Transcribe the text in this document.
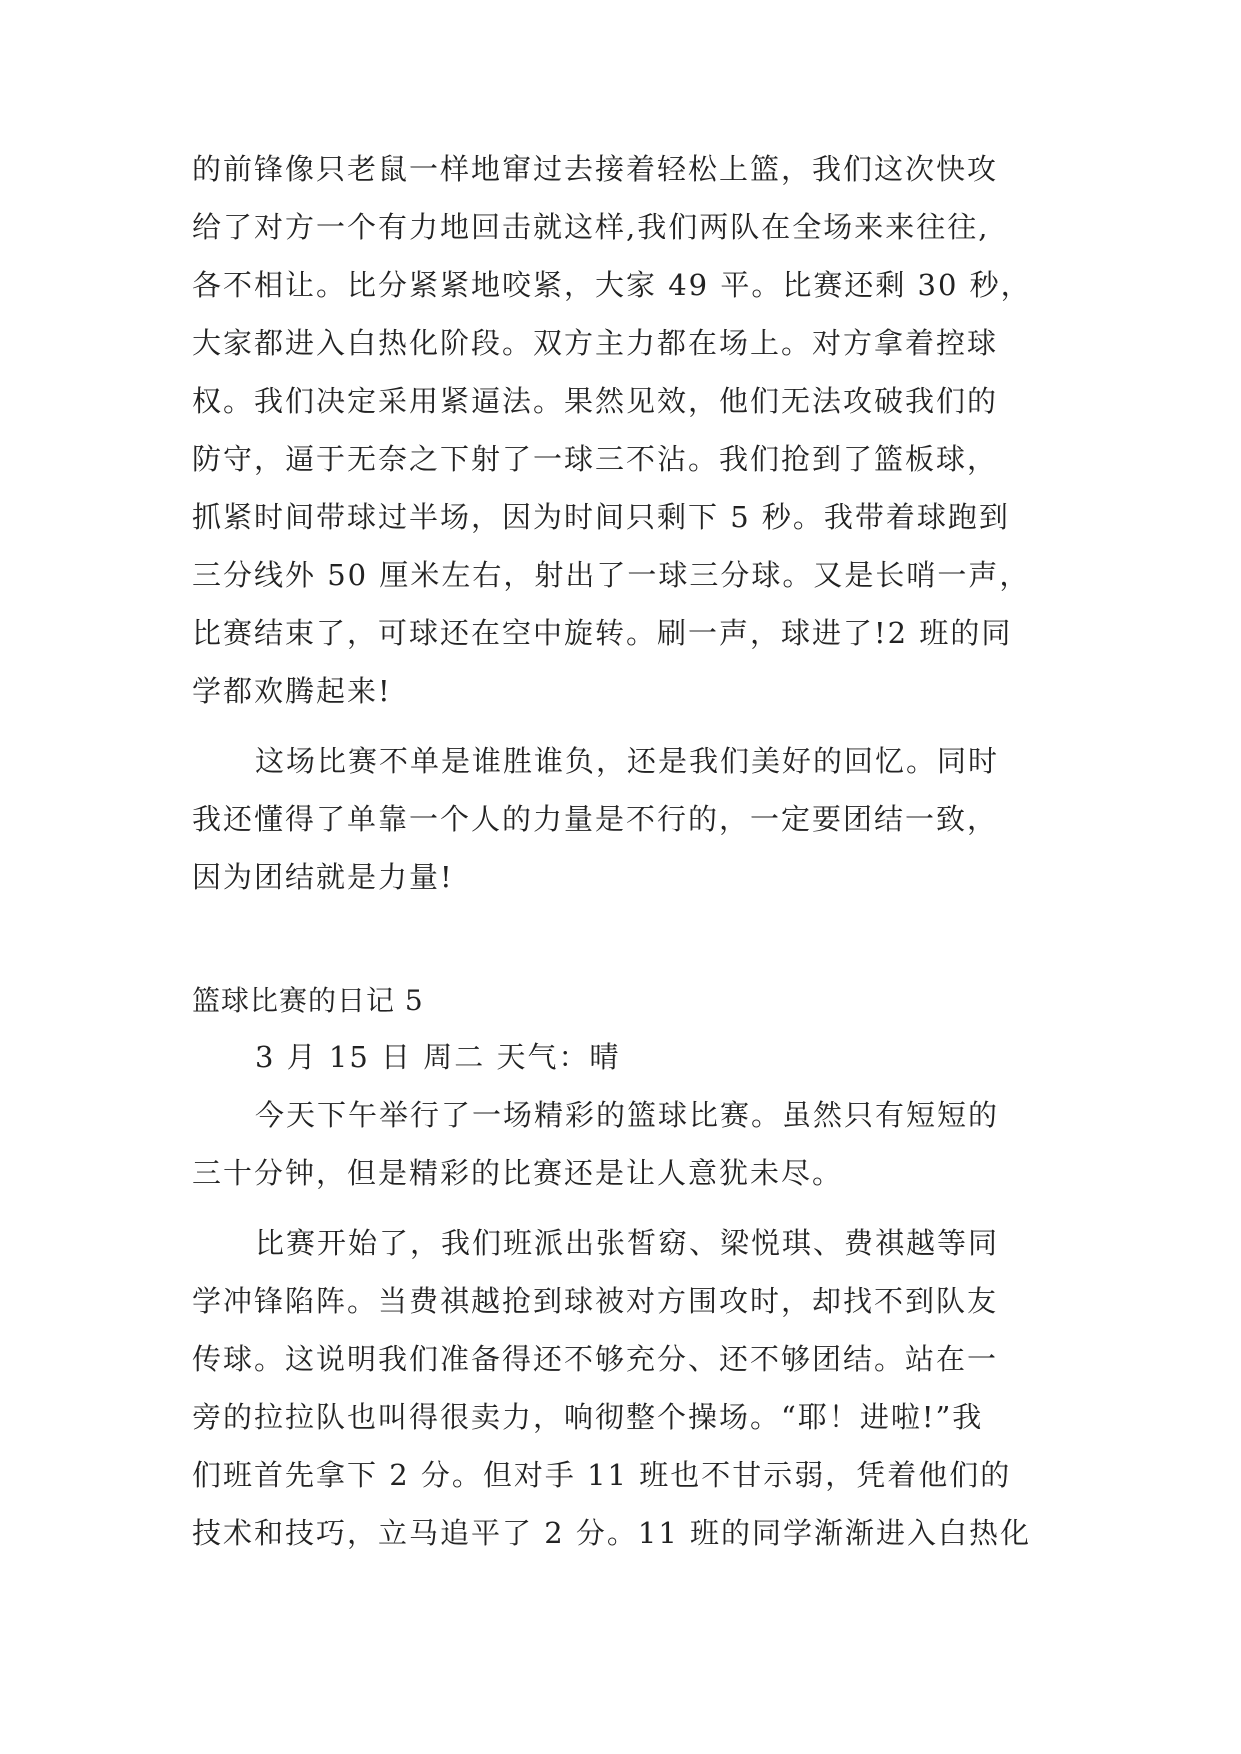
的前锋像只老鼠一样地窜过去接着轻松上篮，我们这次快攻
给了对方一个有力地回击就这样,我们两队在全场来来往往,
各不相让。比分紧紧地咬紧，大家 49 平。比赛还剩 30 秒，
大家都进入白热化阶段。双方主力都在场上。对方拿着控球
权。我们决定采用紧逼法。果然见效，他们无法攻破我们的
防守，逼于无奈之下射了一球三不沾。我们抢到了篮板球，
抓紧时间带球过半场，因为时间只剩下 5 秒。我带着球跑到
三分线外 50 厘米左右，射出了一球三分球。又是长哨一声，
比赛结束了，可球还在空中旋转。刷一声，球进了!2 班的同
学都欢腾起来!
这场比赛不单是谁胜谁负，还是我们美好的回忆。同时
我还懂得了单靠一个人的力量是不行的，一定要团结一致，
因为团结就是力量!
篮球比赛的日记 5
3 月 15 日 周二 天气：晴
今天下午举行了一场精彩的篮球比赛。虽然只有短短的
三十分钟，但是精彩的比赛还是让人意犹未尽。
比赛开始了，我们班派出张皙窈、梁悦琪、费祺越等同
学冲锋陷阵。当费祺越抢到球被对方围攻时，却找不到队友
传球。这说明我们准备得还不够充分、还不够团结。站在一
旁的拉拉队也叫得很卖力，响彻整个操场。“耶！进啦!”我
们班首先拿下 2 分。但对手 11 班也不甘示弱，凭着他们的
技术和技巧，立马追平了 2 分。11 班的同学渐渐进入白热化
